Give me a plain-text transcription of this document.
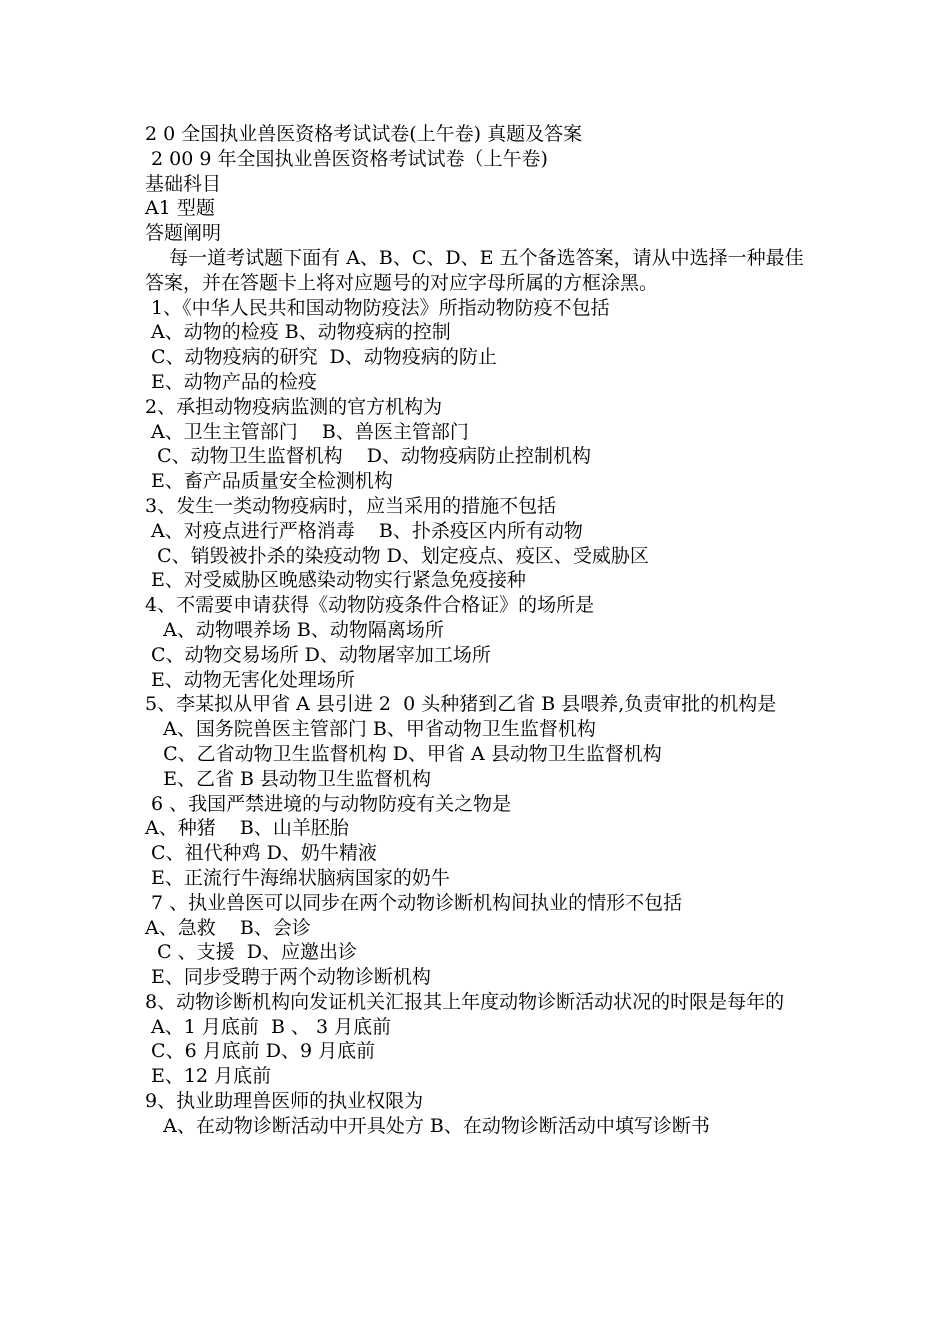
2 0 全国执业兽医资格考试试卷(上午卷) 真题及答案
2 00 9 年全国执业兽医资格考试试卷（上午卷)
基础科目
A1 型题
答题阐明
每一道考试题下面有 A、B、C、D、E 五个备选答案，请从中选择一种最佳答案，并在答题卡上将对应题号的对应字母所属的方框涂黑。
1、《中华人民共和国动物防疫法》所指动物防疫不包括
A、动物的检疫 B、动物疫病的控制
C、动物疫病的研究  D、动物疫病的防止
E、动物产品的检疫
2、承担动物疫病监测的官方机构为
A、卫生主管部门    B、兽医主管部门
C、动物卫生监督机构    D、动物疫病防止控制机构
E、畜产品质量安全检测机构
3、发生一类动物疫病时，应当采用的措施不包括
A、对疫点进行严格消毒    B、扑杀疫区内所有动物
C、销毁被扑杀的染疫动物 D、划定疫点、疫区、受威胁区
E、对受威胁区晚感染动物实行紧急免疫接种
4、不需要申请获得《动物防疫条件合格证》的场所是
A、动物喂养场 B、动物隔离场所
C、动物交易场所 D、动物屠宰加工场所
E、动物无害化处理场所
5、李某拟从甲省 A 县引进 2  0 头种猪到乙省 B 县喂养,负责审批的机构是
A、国务院兽医主管部门 B、甲省动物卫生监督机构
C、乙省动物卫生监督机构 D、甲省 A 县动物卫生监督机构
E、乙省 B 县动物卫生监督机构
6 、我国严禁进境的与动物防疫有关之物是
A、种猪    B、山羊胚胎
C、祖代种鸡 D、奶牛精液
E、正流行牛海绵状脑病国家的奶牛
7 、执业兽医可以同步在两个动物诊断机构间执业的情形不包括
A、急救    B、会诊
C 、支援  D、应邀出诊
E、同步受聘于两个动物诊断机构
8、动物诊断机构向发证机关汇报其上年度动物诊断活动状况的时限是每年的
A、1 月底前  B 、 3 月底前
C、6 月底前 D、9 月底前
E、12 月底前
9、执业助理兽医师的执业权限为
A、在动物诊断活动中开具处方 B、在动物诊断活动中填写诊断书
